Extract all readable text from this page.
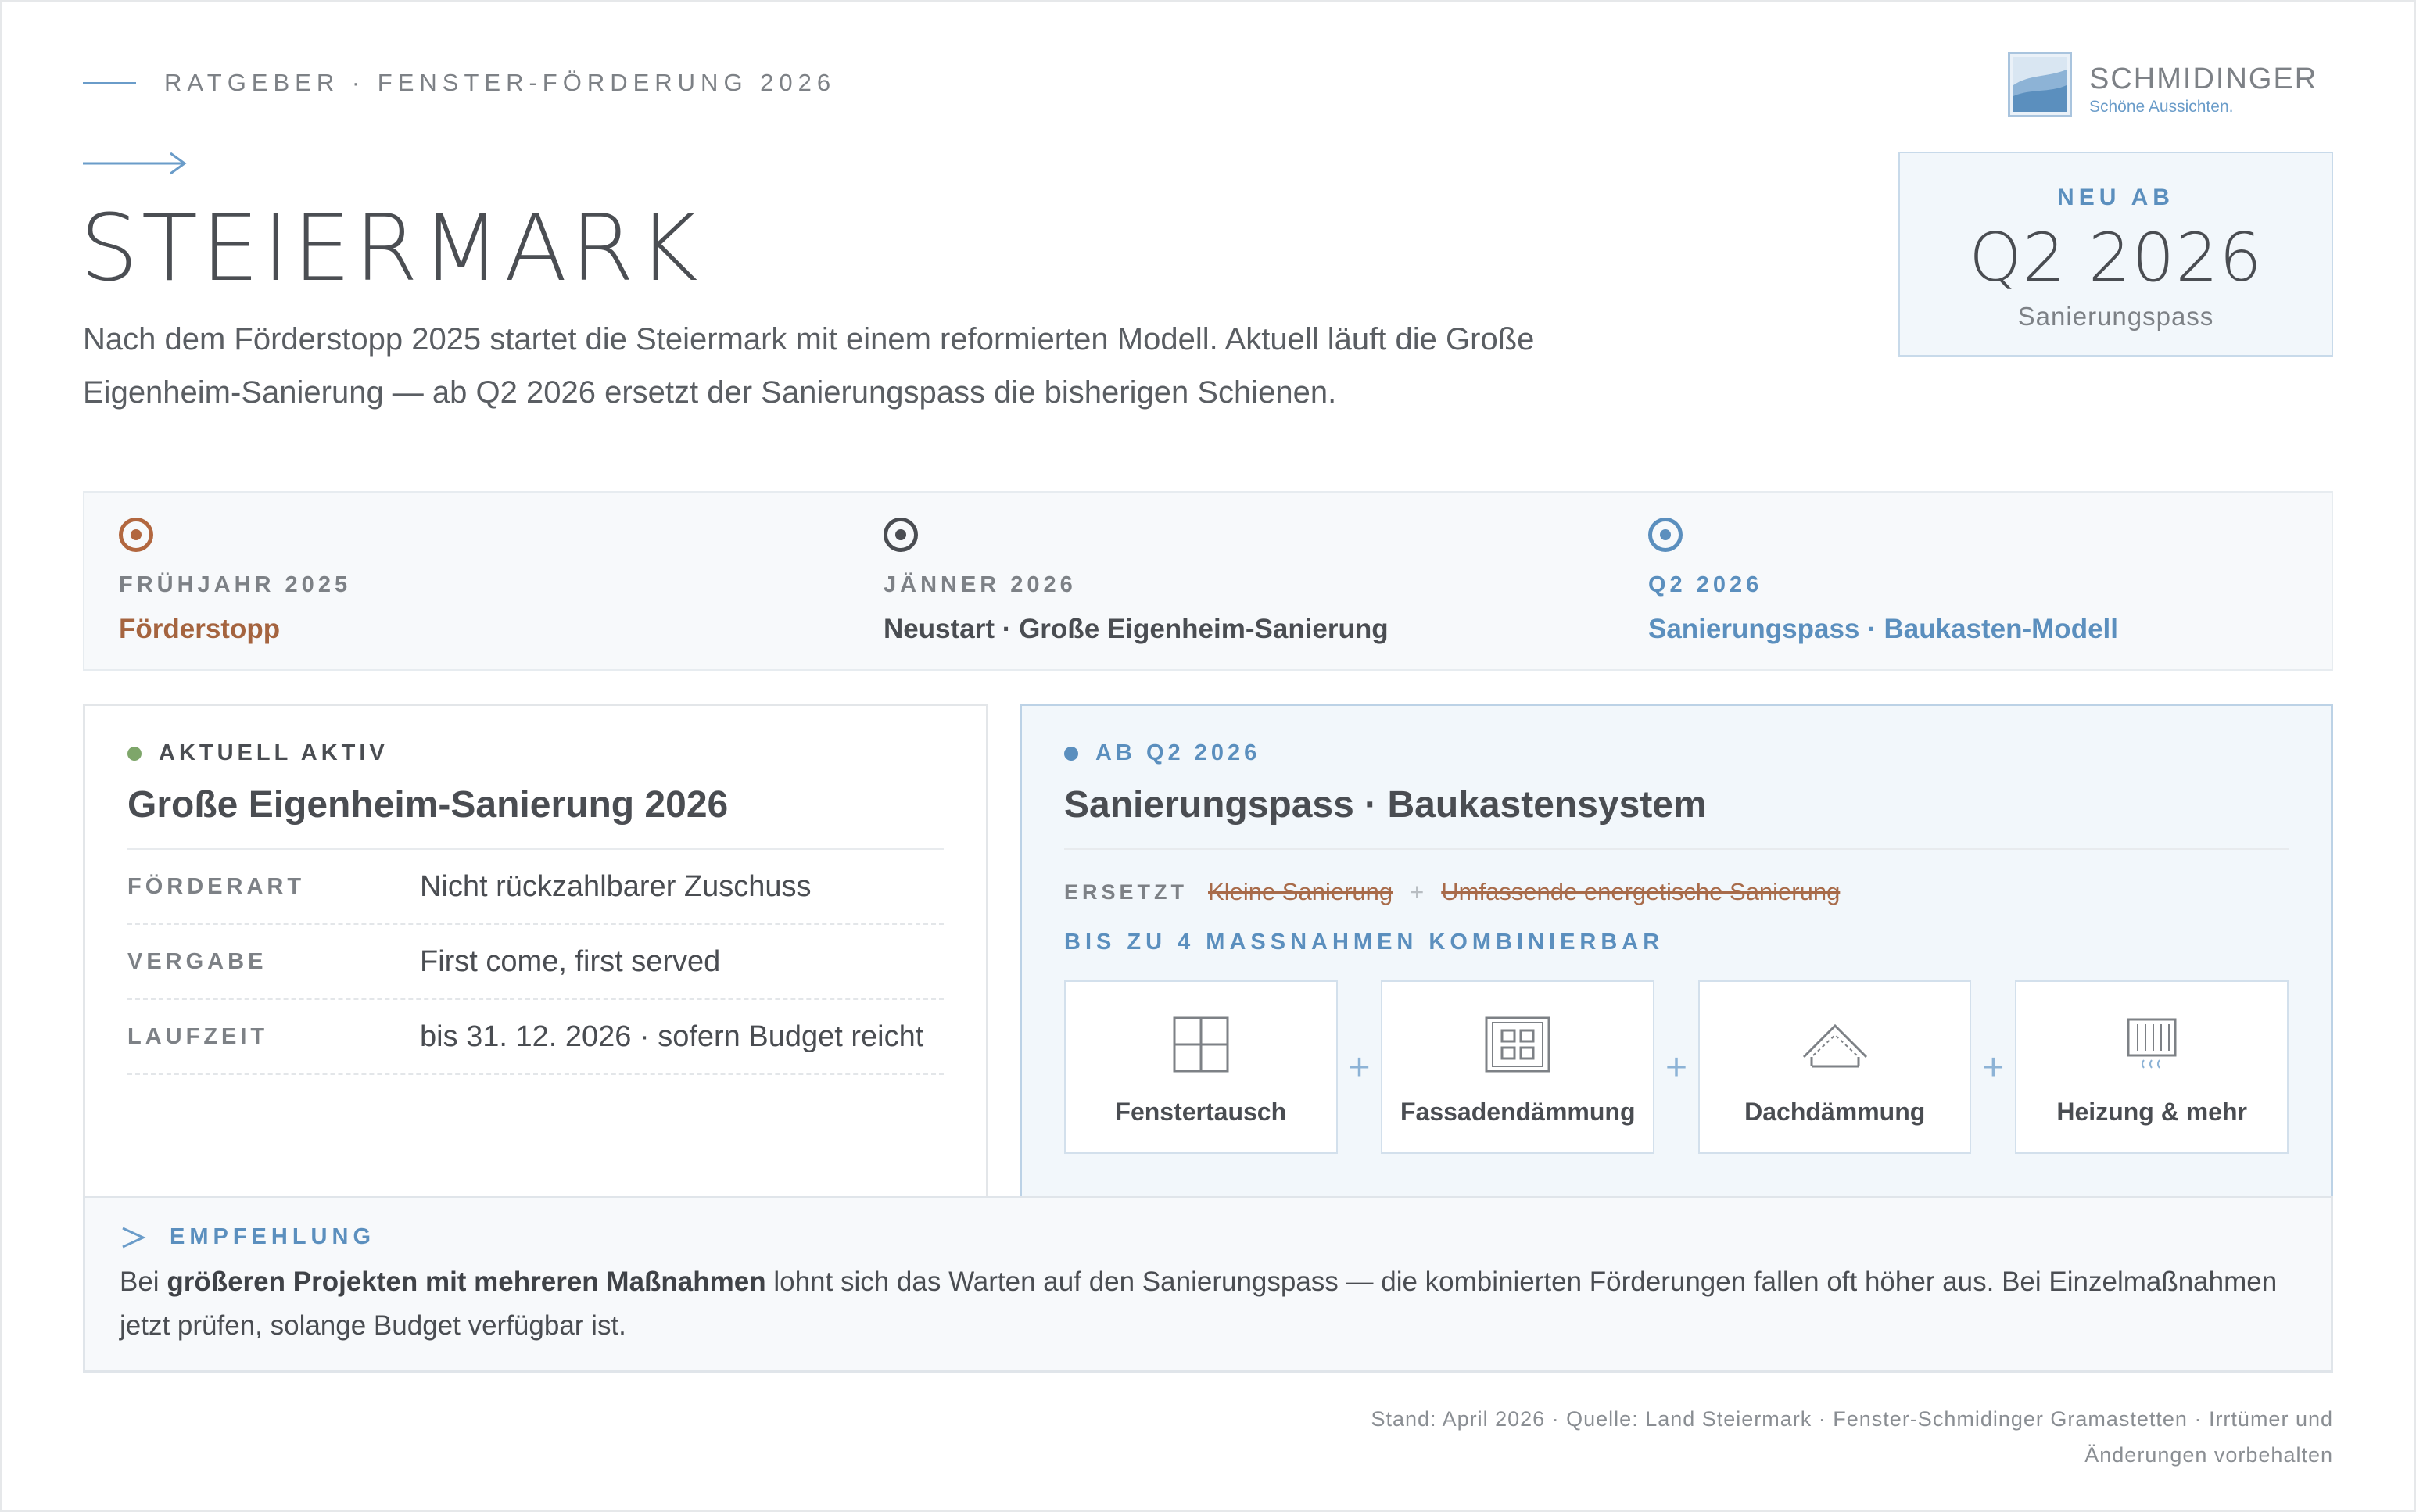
RATGEBER · FENSTER-FÖRDERUNG 2026
STEIERMARK

Nach dem Förderstopp 2025 startet die Steiermark mit einem reformierten Modell. Aktuell läuft die Große Eigenheim-Sanierung — ab Q2 2026 ersetzt der Sanierungspass die bisherigen Schienen.

SCHMIDINGER
Schöne Aussichten.
NEU AB
Q2 2026
Sanierungspass
FRÜHJAHR 2025
Förderstopp
JÄNNER 2026
Neustart · Große Eigenheim-Sanierung
Q2 2026
Sanierungspass · Baukasten-Modell
AKTUELL AKTIV
Große Eigenheim-Sanierung 2026
FÖRDERART	Nicht rückzahlbarer Zuschuss
VERGABE	First come, first served
LAUFZEIT	bis 31. 12. 2026 · sofern Budget reicht
AB Q2 2026
Sanierungspass · Baukastensystem
ERSETZT Kleine Sanierung + Umfassende energetische Sanierung
BIS ZU 4 MASSNAHMEN KOMBINIERBAR
Fenstertausch
+
Fassadendämmung
+
Dachdämmung
+
Heizung & mehr
EMPFEHLUNG

Bei größeren Projekten mit mehreren Maßnahmen lohnt sich das Warten auf den Sanierungspass — die kombinierten Förderungen fallen oft höher aus. Bei Einzelmaßnahmen jetzt prüfen, solange Budget verfügbar ist.

Stand: April 2026 · Quelle: Land Steiermark · Fenster-Schmidinger Gramastetten · Irrtümer und
Änderungen vorbehalten
